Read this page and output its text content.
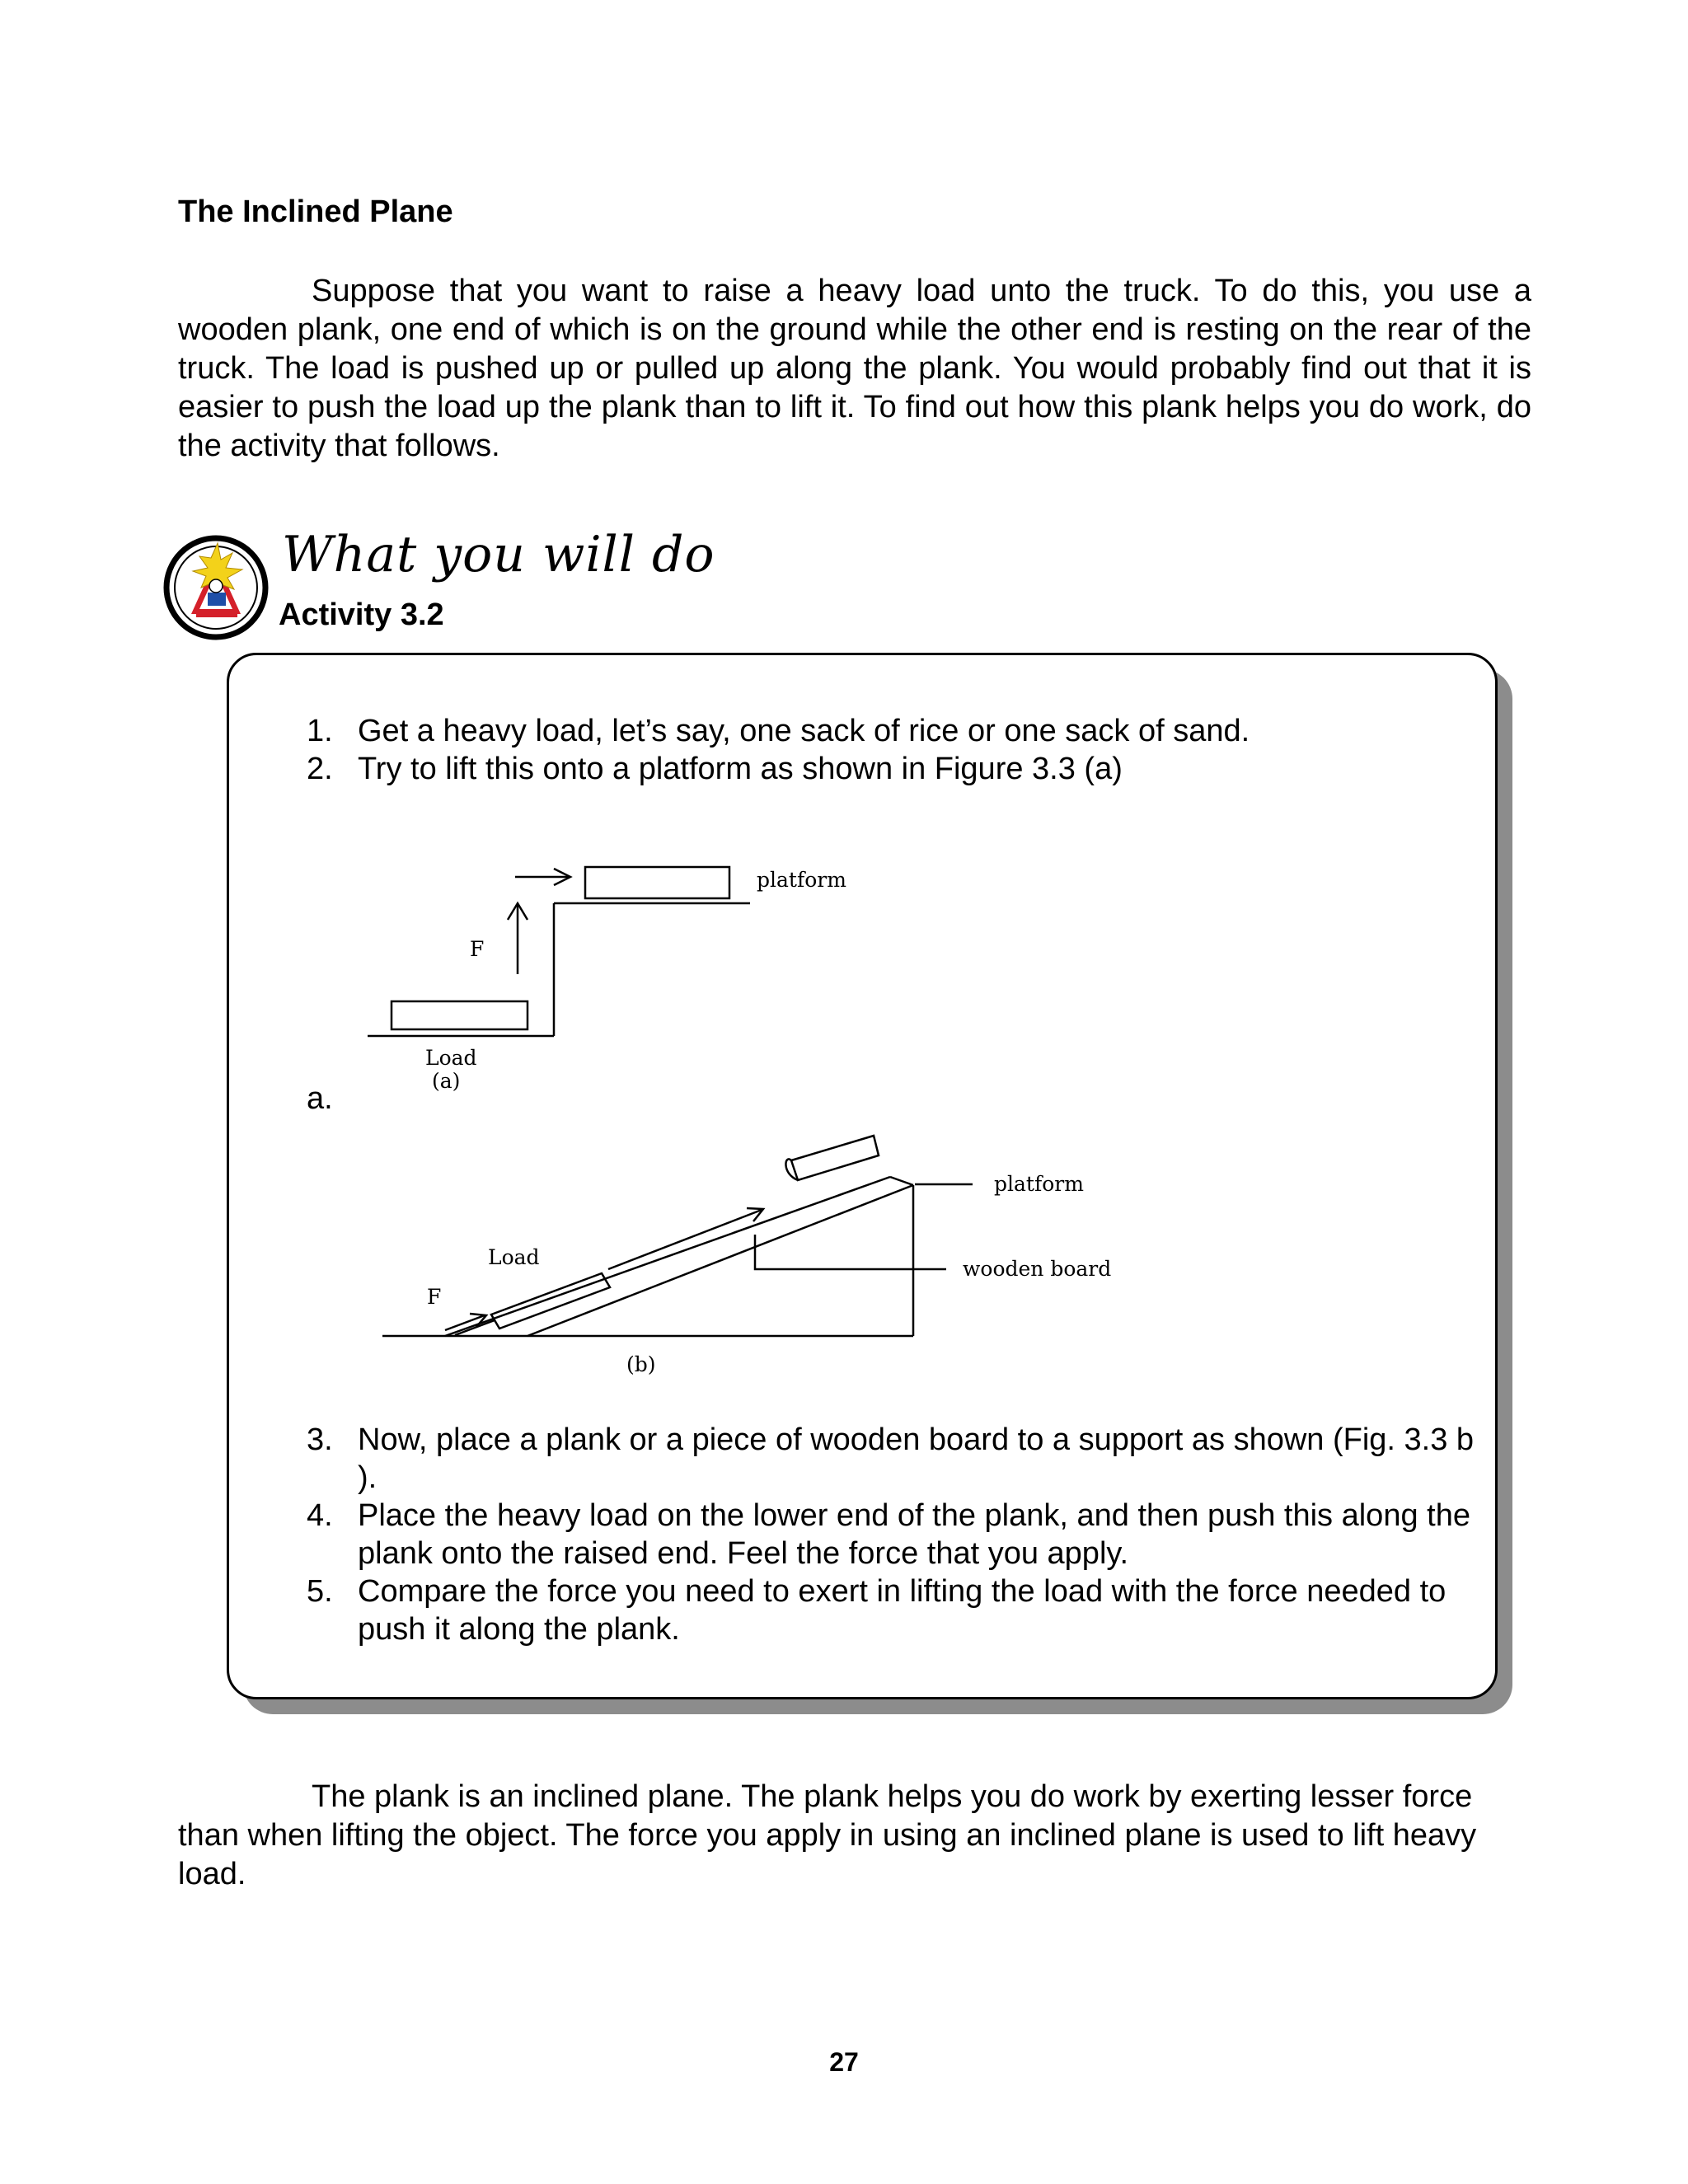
The Inclined Plane

Suppose that you want to raise a heavy load unto the truck. To do this, you use a wooden plank, one end of which is on the ground while the other end is resting on the rear of the truck. The load is pushed up or pulled up along the plank. You would probably find out that it is easier to push the load up the plank than to lift it. To find out how this plank helps you do work, do the activity that follows.

What you will do

Activity 3.2

1. Get a heavy load, let’s say, one sack of rice or one sack of sand.
2. Try to lift this onto a platform as shown in Figure 3.3 (a)

a.

platform
F
Load
(a)
platform
wooden board
Load
F
(b)
3. Now, place a plank or a piece of wooden board to a support as shown (Fig. 3.3 b ).
4. Place the heavy load on the lower end of the plank, and then push this along the plank onto the raised end. Feel the force that you apply.
5. Compare the force you need to exert in lifting the load with the force needed to push it along the plank.

The plank is an inclined plane. The plank helps you do work by exerting lesser force than when lifting the object. The force you apply in using an inclined plane is used to lift heavy load.

27
